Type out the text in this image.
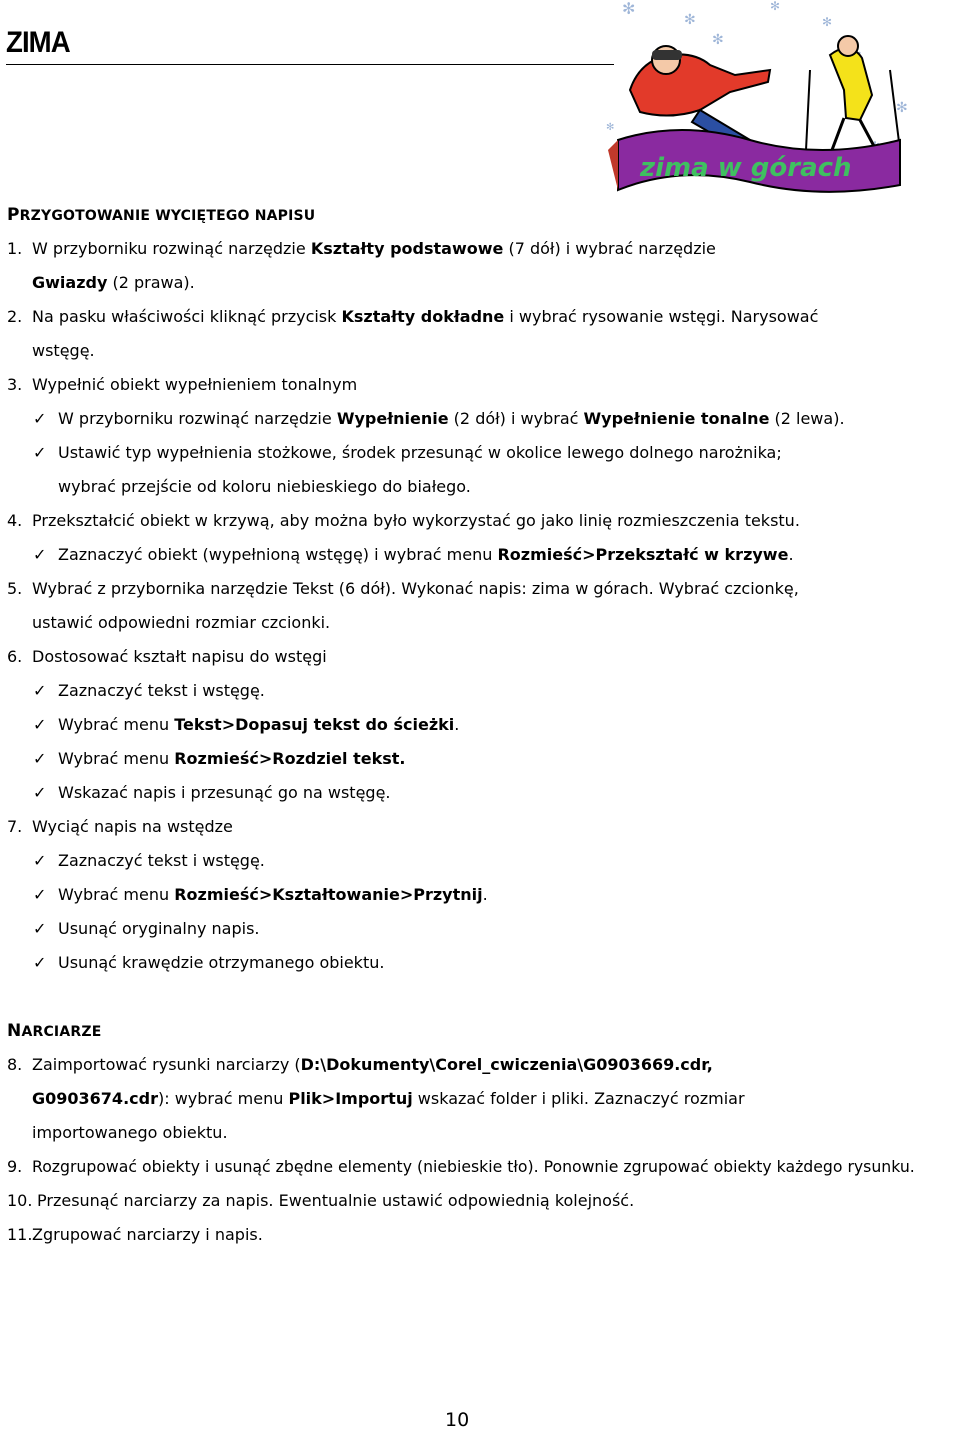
ZIMA
✻
✻
✻
✻
✻
✻
✻
zima w górach
PRZYGOTOWANIE WYCIĘTEGO NAPISU
1. W przyborniku rozwinąć narzędzie Kształty podstawowe (7 dół) i wybrać narzędzie
Gwiazdy (2 prawa).
2. Na pasku właściwości kliknąć przycisk Kształty dokładne i wybrać rysowanie wstęgi. Narysować
wstęgę.
3. Wypełnić obiekt wypełnieniem tonalnym
✓ W przyborniku rozwinąć narzędzie Wypełnienie (2 dół) i wybrać Wypełnienie tonalne (2 lewa).
✓ Ustawić typ wypełnienia stożkowe, środek przesunąć w okolice lewego dolnego narożnika;
wybrać przejście od koloru niebieskiego do białego.
4. Przekształcić obiekt w krzywą, aby można było wykorzystać go jako linię rozmieszczenia tekstu.
✓ Zaznaczyć obiekt (wypełnioną wstęgę) i wybrać menu Rozmieść>Przekształć w krzywe.
5. Wybrać z przybornika narzędzie Tekst (6 dół). Wykonać napis: zima w górach. Wybrać czcionkę,
ustawić odpowiedni rozmiar czcionki.
6. Dostosować kształt napisu do wstęgi
✓ Zaznaczyć tekst i wstęgę.
✓ Wybrać menu Tekst>Dopasuj tekst do ścieżki.
✓ Wybrać menu Rozmieść>Rozdziel tekst.
✓ Wskazać napis i przesunąć go na wstęgę.
7. Wyciąć napis na wstędze
✓ Zaznaczyć tekst i wstęgę.
✓ Wybrać menu Rozmieść>Kształtowanie>Przytnij.
✓ Usunąć oryginalny napis.
✓ Usunąć krawędzie otrzymanego obiektu.
NARCIARZE
8. Zaimportować rysunki narciarzy (D:\Dokumenty\Corel_cwiczenia\G0903669.cdr,
G0903674.cdr): wybrać menu Plik>Importuj wskazać folder i pliki. Zaznaczyć rozmiar
importowanego obiektu.
9. Rozgrupować obiekty i usunąć zbędne elementy (niebieskie tło). Ponownie zgrupować obiekty każdego rysunku.
10. Przesunąć narciarzy za napis. Ewentualnie ustawić odpowiednią kolejność.
11. Zgrupować narciarzy i napis.
10
